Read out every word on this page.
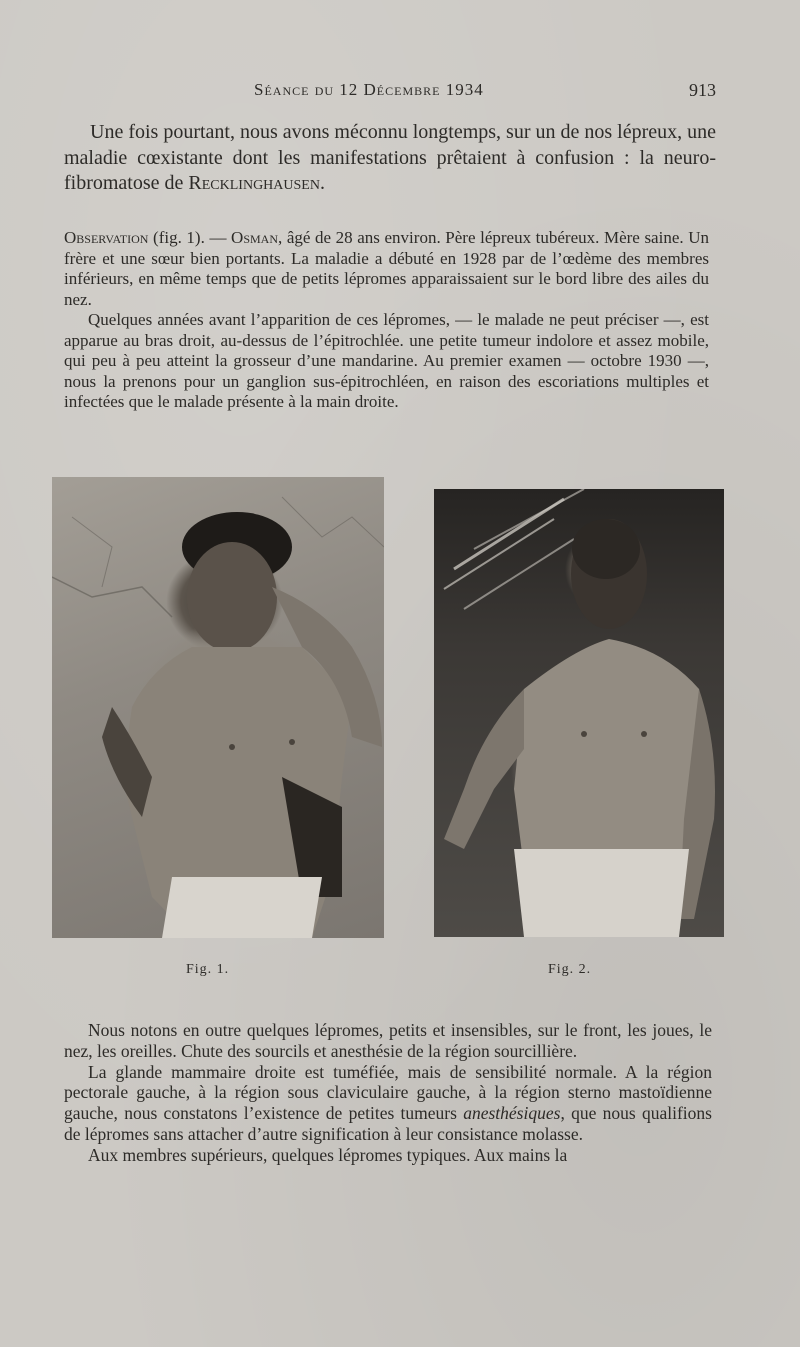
Séance du 12 Décembre 1934	913

Une fois pourtant, nous avons méconnu longtemps, sur un de nos lépreux, une maladie cœxistante dont les manifestations prêtaient à confusion : la neuro-fibromatose de Recklinghausen.

Observation (fig. 1). — Osman, âgé de 28 ans environ. Père lépreux tubéreux. Mère saine. Un frère et une sœur bien portants. La maladie a débuté en 1928 par de l’œdème des membres inférieurs, en même temps que de petits lépromes apparaissaient sur le bord libre des ailes du nez.

Quelques années avant l’apparition de ces lépromes, — le malade ne peut préciser —, est apparue au bras droit, au-dessus de l’épitrochlée. une petite tumeur indolore et assez mobile, qui peu à peu atteint la grosseur d’une mandarine. Au premier examen — octobre 1930 —, nous la prenons pour un ganglion sus-épitrochléen, en raison des escoriations multiples et infectées que le malade présente à la main droite.

Fig. 1.	Fig. 2.

Nous notons en outre quelques lépromes, petits et insensibles, sur le front, les joues, le nez, les oreilles. Chute des sourcils et anesthésie de la région sourcillière.

La glande mammaire droite est tuméfiée, mais de sensibilité normale. A la région pectorale gauche, à la région sous claviculaire gauche, à la région sterno mastoïdienne gauche, nous constatons l’existence de petites tumeurs anesthésiques, que nous qualifions de lépromes sans attacher d’autre signification à leur consistance molasse.

Aux membres supérieurs, quelques lépromes typiques. Aux mains la
